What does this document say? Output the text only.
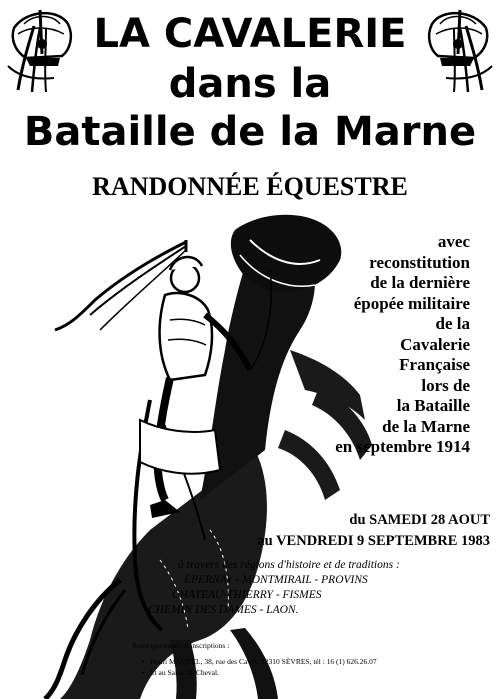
LA CAVALERIE
dans la
Bataille de la Marne
RANDONNÉE ÉQUESTRE
avec
reconstitution
de la dernière
épopée militaire
de la
Cavalerie
Française
lors de
la Bataille
de la Marne
en septembre 1914
du SAMEDI 28 AOUT
au VENDREDI 9 SEPTEMBRE 1983
à travers des régions d'histoire et de traditions :
ÉPERNAY - MONTMIRAIL - PROVINS
CHATEAU-THIERRY - FISMES
CHEMIN DES DAMES - LAON.
Renseignements et inscriptions :
• Henri MAUREL, 38, rue des Caves, 92310 SÈVRES, tél : 16 (1) 626.26.07
• Et au Salon du Cheval.
